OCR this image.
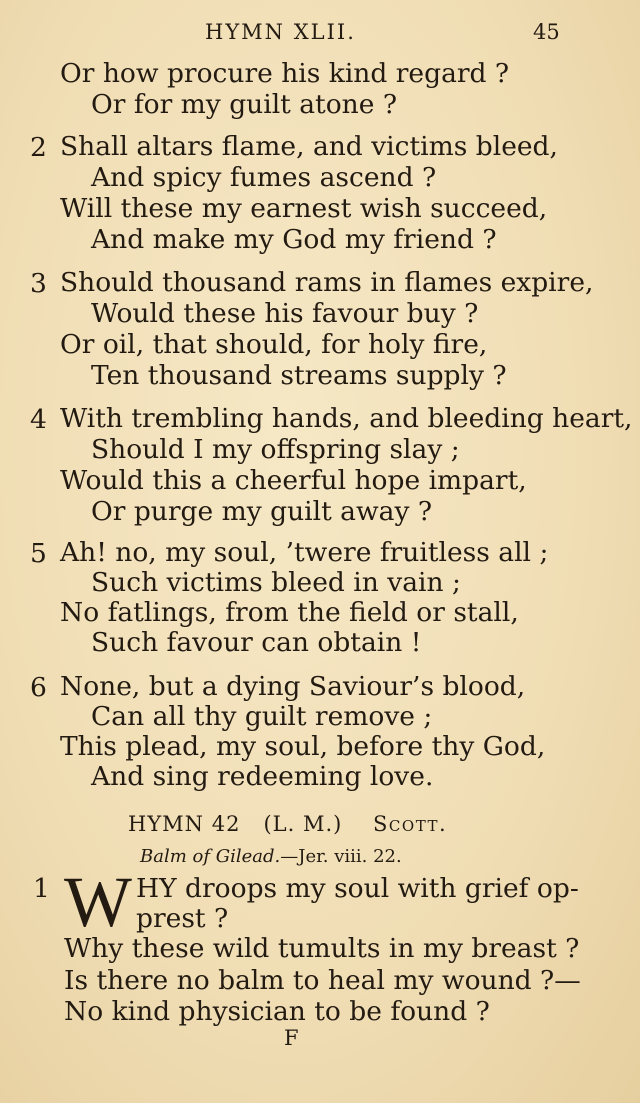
HYMN XLII.	45
Or how procure his kind regard ?
Or for my guilt atone ?
2 Shall altars flame, and victims bleed,
And spicy fumes ascend ?
Will these my earnest wish succeed,
And make my God my friend ?
3 Should thousand rams in flames expire,
Would these his favour buy ?
Or oil, that should, for holy fire,
Ten thousand streams supply ?
4 With trembling hands, and bleeding heart,
Should I my offspring slay ;
Would this a cheerful hope impart,
Or purge my guilt away ?
5 Ah! no, my soul, ’twere fruitless all ;
Such victims bleed in vain ;
No fatlings, from the field or stall,
Such favour can obtain !
6 None, but a dying Saviour’s blood,
Can all thy guilt remove ;
This plead, my soul, before thy God,
And sing redeeming love.
HYMN 42 (L. M.) Scott.
Balm of Gilead.—Jer. viii. 22.
1 W HY droops my soul with grief op-
prest ?
Why these wild tumults in my breast ?
Is there no balm to heal my wound ?—
No kind physician to be found ?
F
